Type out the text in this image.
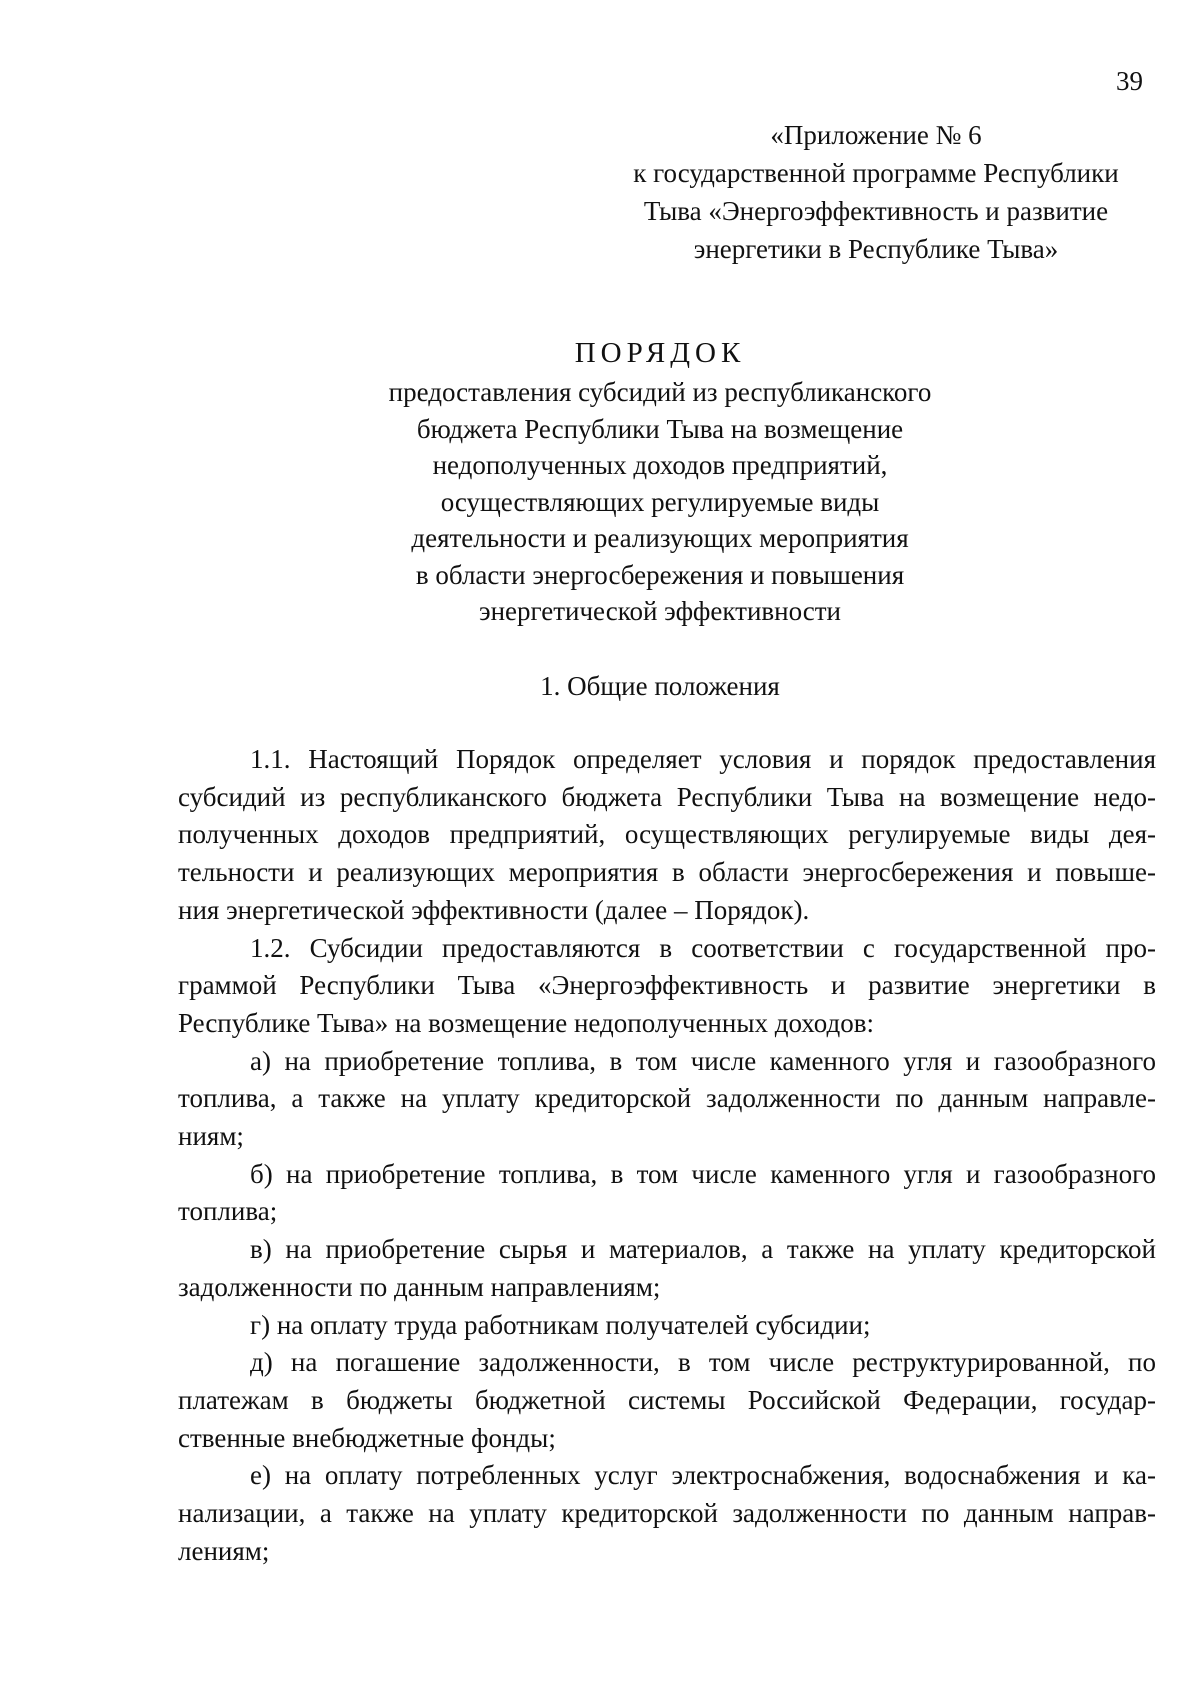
39
«Приложение № 6
к государственной программе Республики
Тыва «Энергоэффективность и развитие
энергетики в Республике Тыва»
ПОРЯДОК
предоставления субсидий из республиканского
бюджета Республики Тыва на возмещение
недополученных доходов предприятий,
осуществляющих регулируемые виды
деятельности и реализующих мероприятия
в области энергосбережения и повышения
энергетической эффективности
1. Общие положения
1.1. Настоящий Порядок определяет условия и порядок предоставления
субсидий из республиканского бюджета Республики Тыва на возмещение недо-
полученных доходов предприятий, осуществляющих регулируемые виды дея-
тельности и реализующих мероприятия в области энергосбережения и повыше-
ния энергетической эффективности (далее – Порядок).
1.2. Субсидии предоставляются в соответствии с государственной про-
граммой Республики Тыва «Энергоэффективность и развитие энергетики в
Республике Тыва» на возмещение недополученных доходов:
а) на приобретение топлива, в том числе каменного угля и газообразного
топлива, а также на уплату кредиторской задолженности по данным направле-
ниям;
б) на приобретение топлива, в том числе каменного угля и газообразного
топлива;
в) на приобретение сырья и материалов, а также на уплату кредиторской
задолженности по данным направлениям;
г) на оплату труда работникам получателей субсидии;
д) на погашение задолженности, в том числе реструктурированной, по
платежам в бюджеты бюджетной системы Российской Федерации, государ-
ственные внебюджетные фонды;
е) на оплату потребленных услуг электроснабжения, водоснабжения и ка-
нализации, а также на уплату кредиторской задолженности по данным направ-
лениям;
